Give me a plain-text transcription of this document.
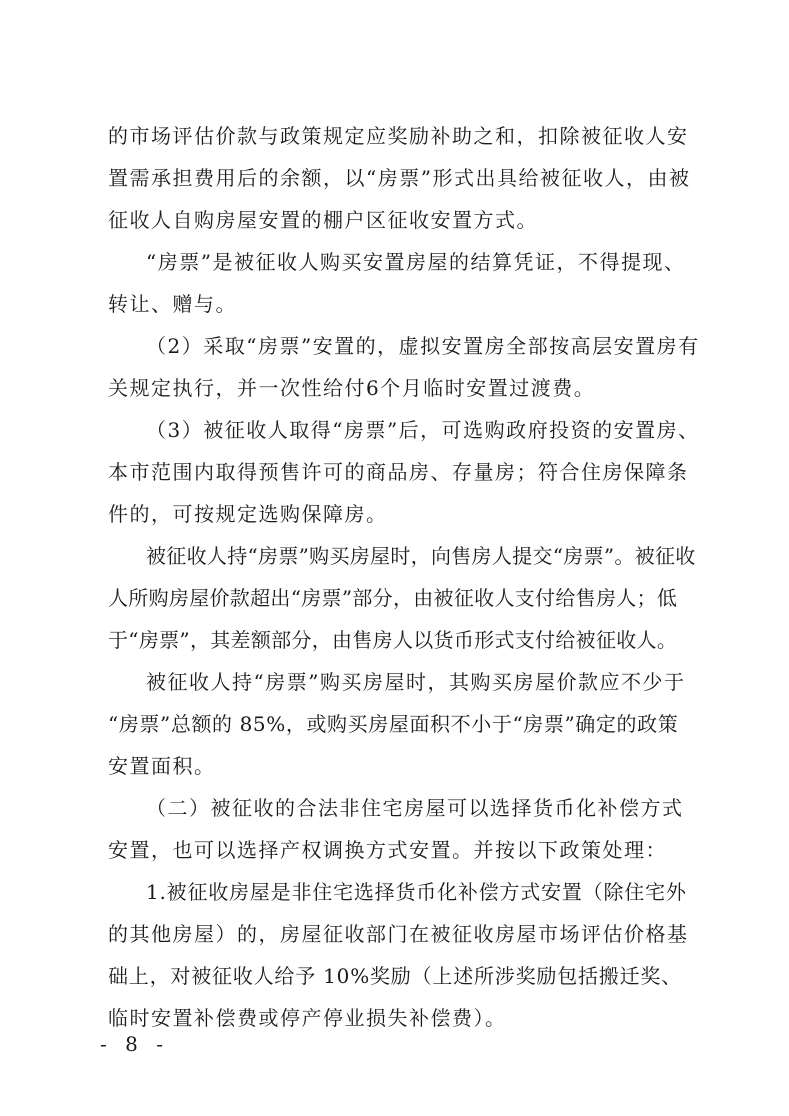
的市场评估价款与政策规定应奖励补助之和，扣除被征收人安
置需承担费用后的余额，以“房票”形式出具给被征收人，由被
征收人自购房屋安置的棚户区征收安置方式。
“房票”是被征收人购买安置房屋的结算凭证，不得提现、
转让、赠与。
（2）采取“房票”安置的，虚拟安置房全部按高层安置房有
关规定执行，并一次性给付6个月临时安置过渡费。
（3）被征收人取得“房票”后，可选购政府投资的安置房、
本市范围内取得预售许可的商品房、存量房；符合住房保障条
件的，可按规定选购保障房。
被征收人持“房票”购买房屋时，向售房人提交“房票”。被征收
人所购房屋价款超出“房票”部分，由被征收人支付给售房人；低
于“房票”，其差额部分，由售房人以货币形式支付给被征收人。
被征收人持“房票”购买房屋时，其购买房屋价款应不少于
“房票”总额的 85%，或购买房屋面积不小于“房票”确定的政策
安置面积。
（二）被征收的合法非住宅房屋可以选择货币化补偿方式
安置，也可以选择产权调换方式安置。并按以下政策处理：
1.被征收房屋是非住宅选择货币化补偿方式安置（除住宅外
的其他房屋）的，房屋征收部门在被征收房屋市场评估价格基
础上，对被征收人给予 10%奖励（上述所涉奖励包括搬迁奖、
临时安置补偿费或停产停业损失补偿费）。
- 8 -
